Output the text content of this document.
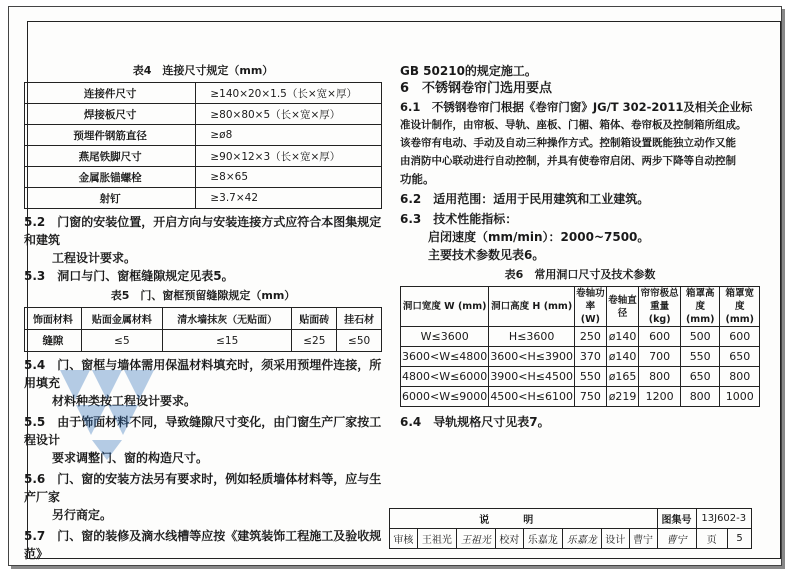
表4　连接尺寸规定（mm）
连接件尺寸	≥140×20×1.5（长×宽×厚）
焊接板尺寸	≥80×80×5（长×宽×厚）
预埋件钢筋直径	≥ø8
燕尾铁脚尺寸	≥90×12×3（长×宽×厚）
金属胀锚螺栓	≥8×65
射钉	≥3.7×42

5.2　门窗的安装位置，开启方向与安装连接方式应符合本图集规定和建筑

工程设计要求。

5.3　洞口与门、窗框缝隙规定见表5。

表5　门、窗框预留缝隙规定（mm）
饰面材料	贴面金属材料	清水墙抹灰（无贴面）	贴面砖	挂石材
缝隙	≤5	≤15	≤25	≤50

5.4　门、窗框与墙体需用保温材料填充时，须采用预埋件连接，所用填充

材料种类按工程设计要求。

5.5　由于饰面材料不同，导致缝隙尺寸变化，由门窗生产厂家按工程设计

要求调整门、窗的构造尺寸。

5.6　门、窗的安装方法另有要求时，例如轻质墙体材料等，应与生产厂家

另行商定。

5.7　门、窗的装修及滴水线槽等应按《建筑装饰工程施工及验收规范》

GB 50210的规定施工。

6　不锈钢卷帘门选用要点

6.1　不锈钢卷帘门根据《卷帘门窗》JG/T 302-2011及相关企业标

准设计制作，由帘板、导轨、座板、门楣、箱体、卷帘板及控制箱所组成。

该卷帘有电动、手动及自动三种操作方式。控制箱设置既能独立动作又能

由消防中心联动进行自动控制，并具有使卷帘启闭、两步下降等自动控制

功能。

6.2　适用范围：适用于民用建筑和工业建筑。

6.3　技术性能指标：

启闭速度（mm/min）：2000~7500。

主要技术参数见表6。

表6　常用洞口尺寸及技术参数
洞口宽度 W (mm)	洞口高度 H (mm)	卷轴功率 (W)	卷轴直径	帘帘极总重量 (kg)	箱罩高度 (mm)	箱罩宽度 (mm)
W≤3600	H≤3600	250	ø140	600	500	600
3600<W≤4800	3600<H≤3900	370	ø140	700	550	650
4800<W≤6000	3900<H≤4500	550	ø165	800	650	800
6000<W≤9000	4500<H≤6100	750	ø219	1200	800	1000

6.4　导轨规格尺寸见表7。

说明								图集号	13J602-3	
审核	王祖光	王祖光	校对	乐嘉龙	乐嘉龙	设计	曹宁	曹宁	页	5
